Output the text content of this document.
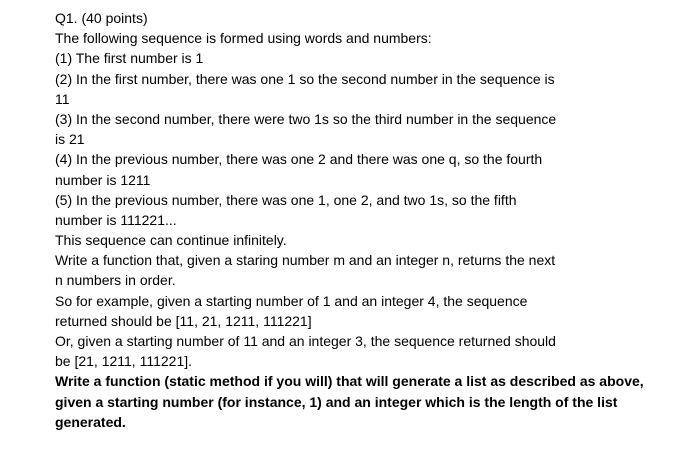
Q1. (40 points)
The following sequence is formed using words and numbers:
(1) The first number is 1
(2) In the first number, there was one 1 so the second number in the sequence is
11
(3) In the second number, there were two 1s so the third number in the sequence
is 21
(4) In the previous number, there was one 2 and there was one q, so the fourth
number is 1211
(5) In the previous number, there was one 1, one 2, and two 1s, so the fifth
number is 111221...
This sequence can continue infinitely.
Write a function that, given a staring number m and an integer n, returns the next
n numbers in order.
So for example, given a starting number of 1 and an integer 4, the sequence
returned should be [11, 21, 1211, 111221]
Or, given a starting number of 11 and an integer 3, the sequence returned should
be [21, 1211, 111221].
Write a function (static method if you will) that will generate a list as described as above,
given a starting number (for instance, 1) and an integer which is the length of the list
generated.
